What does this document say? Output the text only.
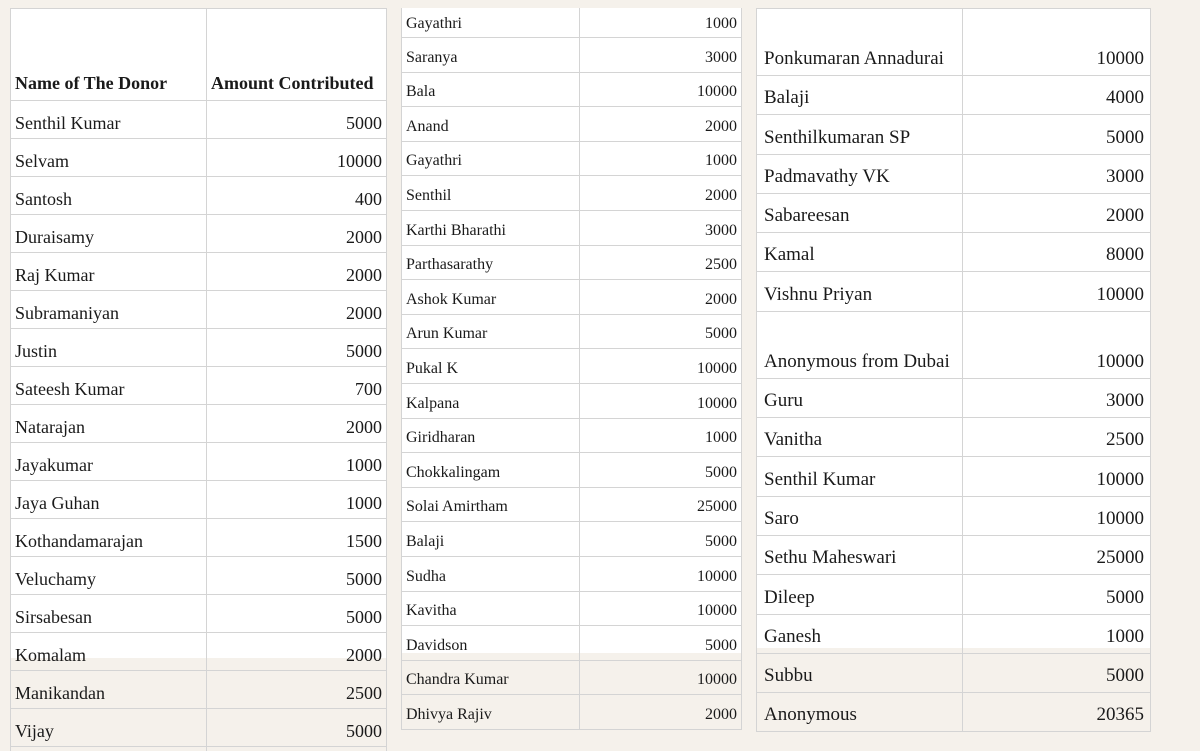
Name of The Donor	Amount Contributed
Senthil Kumar	5000
Selvam	10000
Santosh	400
Duraisamy	2000
Raj Kumar	2000
Subramaniyan	2000
Justin	5000
Sateesh Kumar	700
Natarajan	2000
Jayakumar	1000
Jaya Guhan	1000
Kothandamarajan	1500
Veluchamy	5000
Sirsabesan	5000
Komalam	2000
Manikandan	2500
Vijay	5000

Gayathri	1000
Saranya	3000
Bala	10000
Anand	2000
Gayathri	1000
Senthil	2000
Karthi Bharathi	3000
Parthasarathy	2500
Ashok Kumar	2000
Arun Kumar	5000
Pukal K	10000
Kalpana	10000
Giridharan	1000
Chokkalingam	5000
Solai Amirtham	25000
Balaji	5000
Sudha	10000
Kavitha	10000
Davidson	5000
Chandra Kumar	10000
Dhivya Rajiv	2000
Ponkumaran Annadurai	10000
Balaji	4000
Senthilkumaran SP	5000
Padmavathy VK	3000
Sabareesan	2000
Kamal	8000
Vishnu Priyan	10000
Anonymous from Dubai	10000
Guru	3000
Vanitha	2500
Senthil Kumar	10000
Saro	10000
Sethu Maheswari	25000
Dileep	5000
Ganesh	1000
Subbu	5000
Anonymous	20365
